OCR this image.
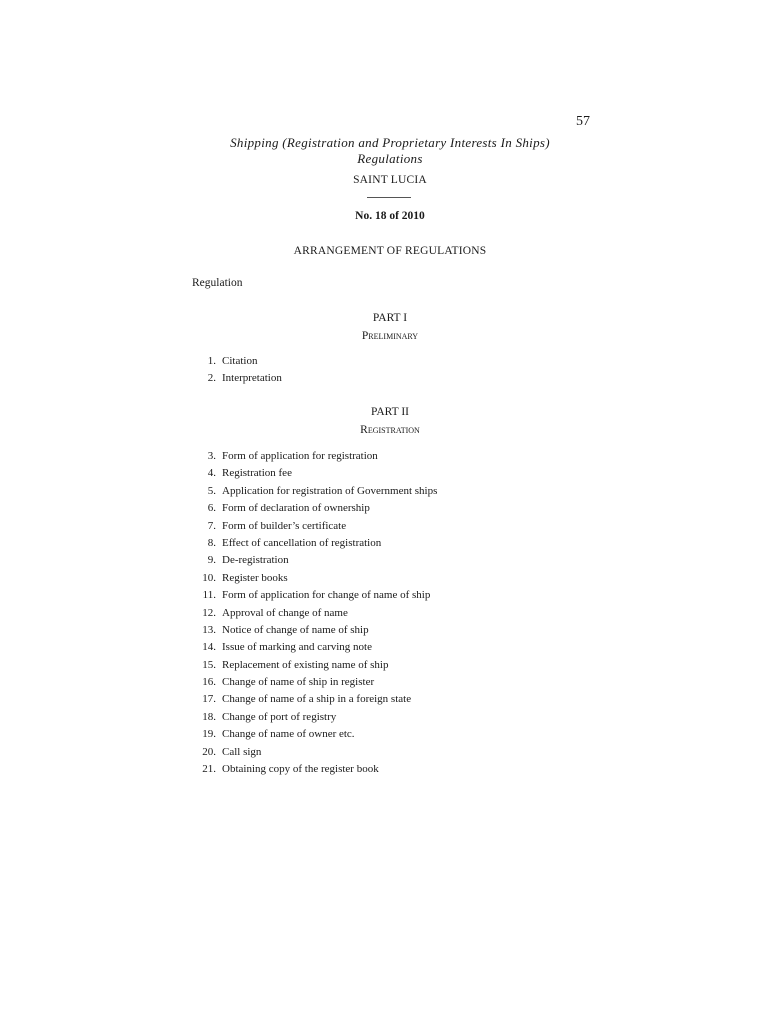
57
Shipping (Registration and Proprietary Interests In Ships)
Regulations
SAINT LUCIA
No. 18 of 2010
ARRANGEMENT OF REGULATIONS
Regulation
PART I
Preliminary
1. Citation
2. Interpretation
PART II
Registration
3. Form of application for registration
4. Registration fee
5. Application for registration of Government ships
6. Form of declaration of ownership
7. Form of builder’s certificate
8. Effect of cancellation of registration
9. De-registration
10. Register books
11. Form of application for change of name of ship
12. Approval of change of name
13. Notice of change of name of ship
14. Issue of marking and carving note
15. Replacement of existing name of ship
16. Change of name of ship in register
17. Change of name of a ship in a foreign state
18. Change of port of registry
19. Change of name of owner etc.
20. Call sign
21. Obtaining copy of the register book
